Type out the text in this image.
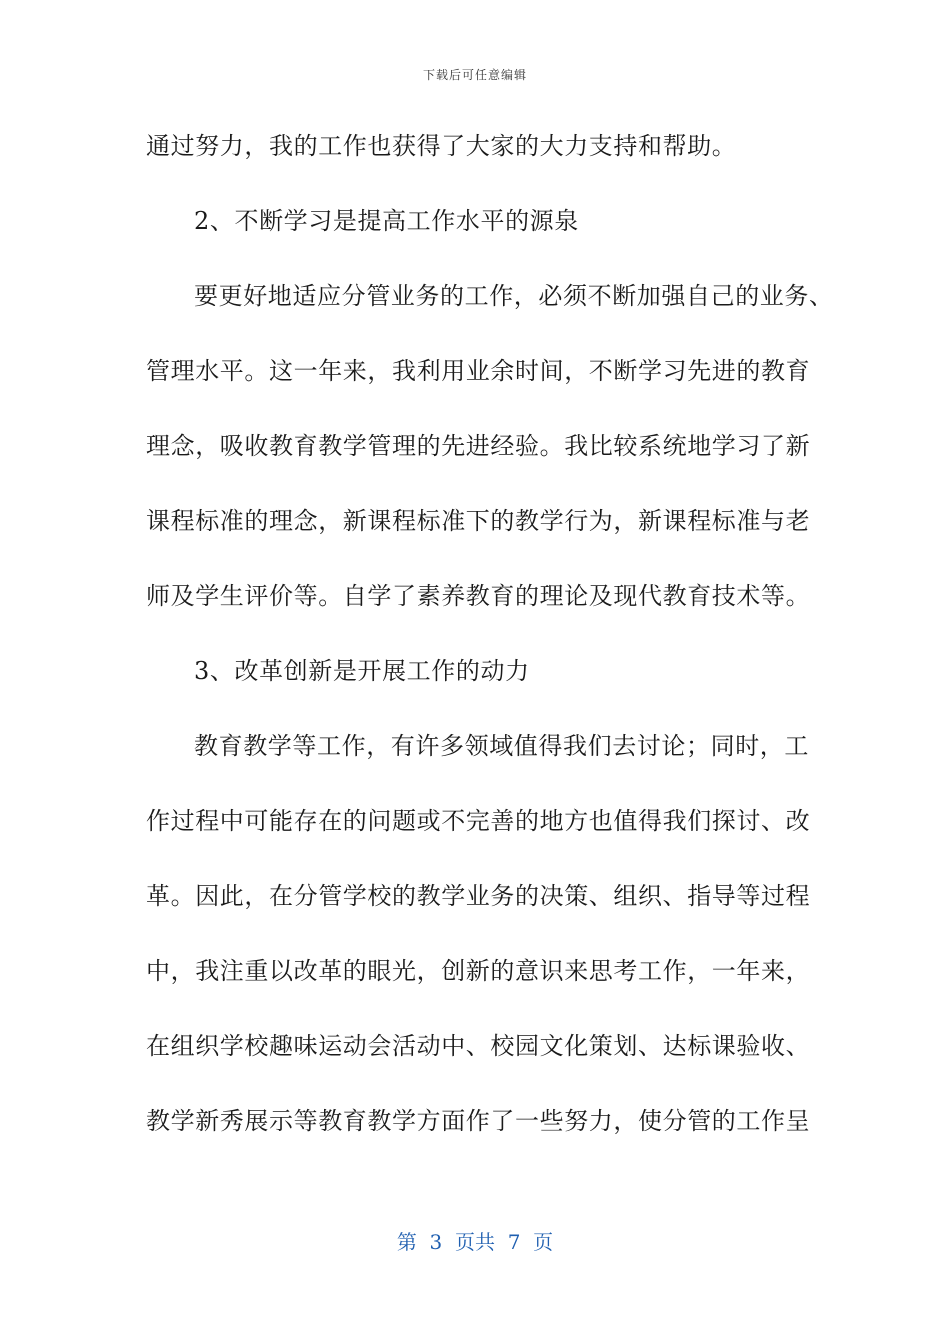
下载后可任意编辑
通过努力，我的工作也获得了大家的大力支持和帮助。
2、不断学习是提高工作水平的源泉
要更好地适应分管业务的工作，必须不断加强自己的业务、
管理水平。这一年来，我利用业余时间，不断学习先进的教育
理念，吸收教育教学管理的先进经验。我比较系统地学习了新
课程标准的理念，新课程标准下的教学行为，新课程标准与老
师及学生评价等。自学了素养教育的理论及现代教育技术等。
3、改革创新是开展工作的动力
教育教学等工作，有许多领域值得我们去讨论；同时，工
作过程中可能存在的问题或不完善的地方也值得我们探讨、改
革。因此，在分管学校的教学业务的决策、组织、指导等过程
中，我注重以改革的眼光，创新的意识来思考工作，一年来，
在组织学校趣味运动会活动中、校园文化策划、达标课验收、
教学新秀展示等教育教学方面作了一些努力，使分管的工作呈
第  3  页共  7  页
